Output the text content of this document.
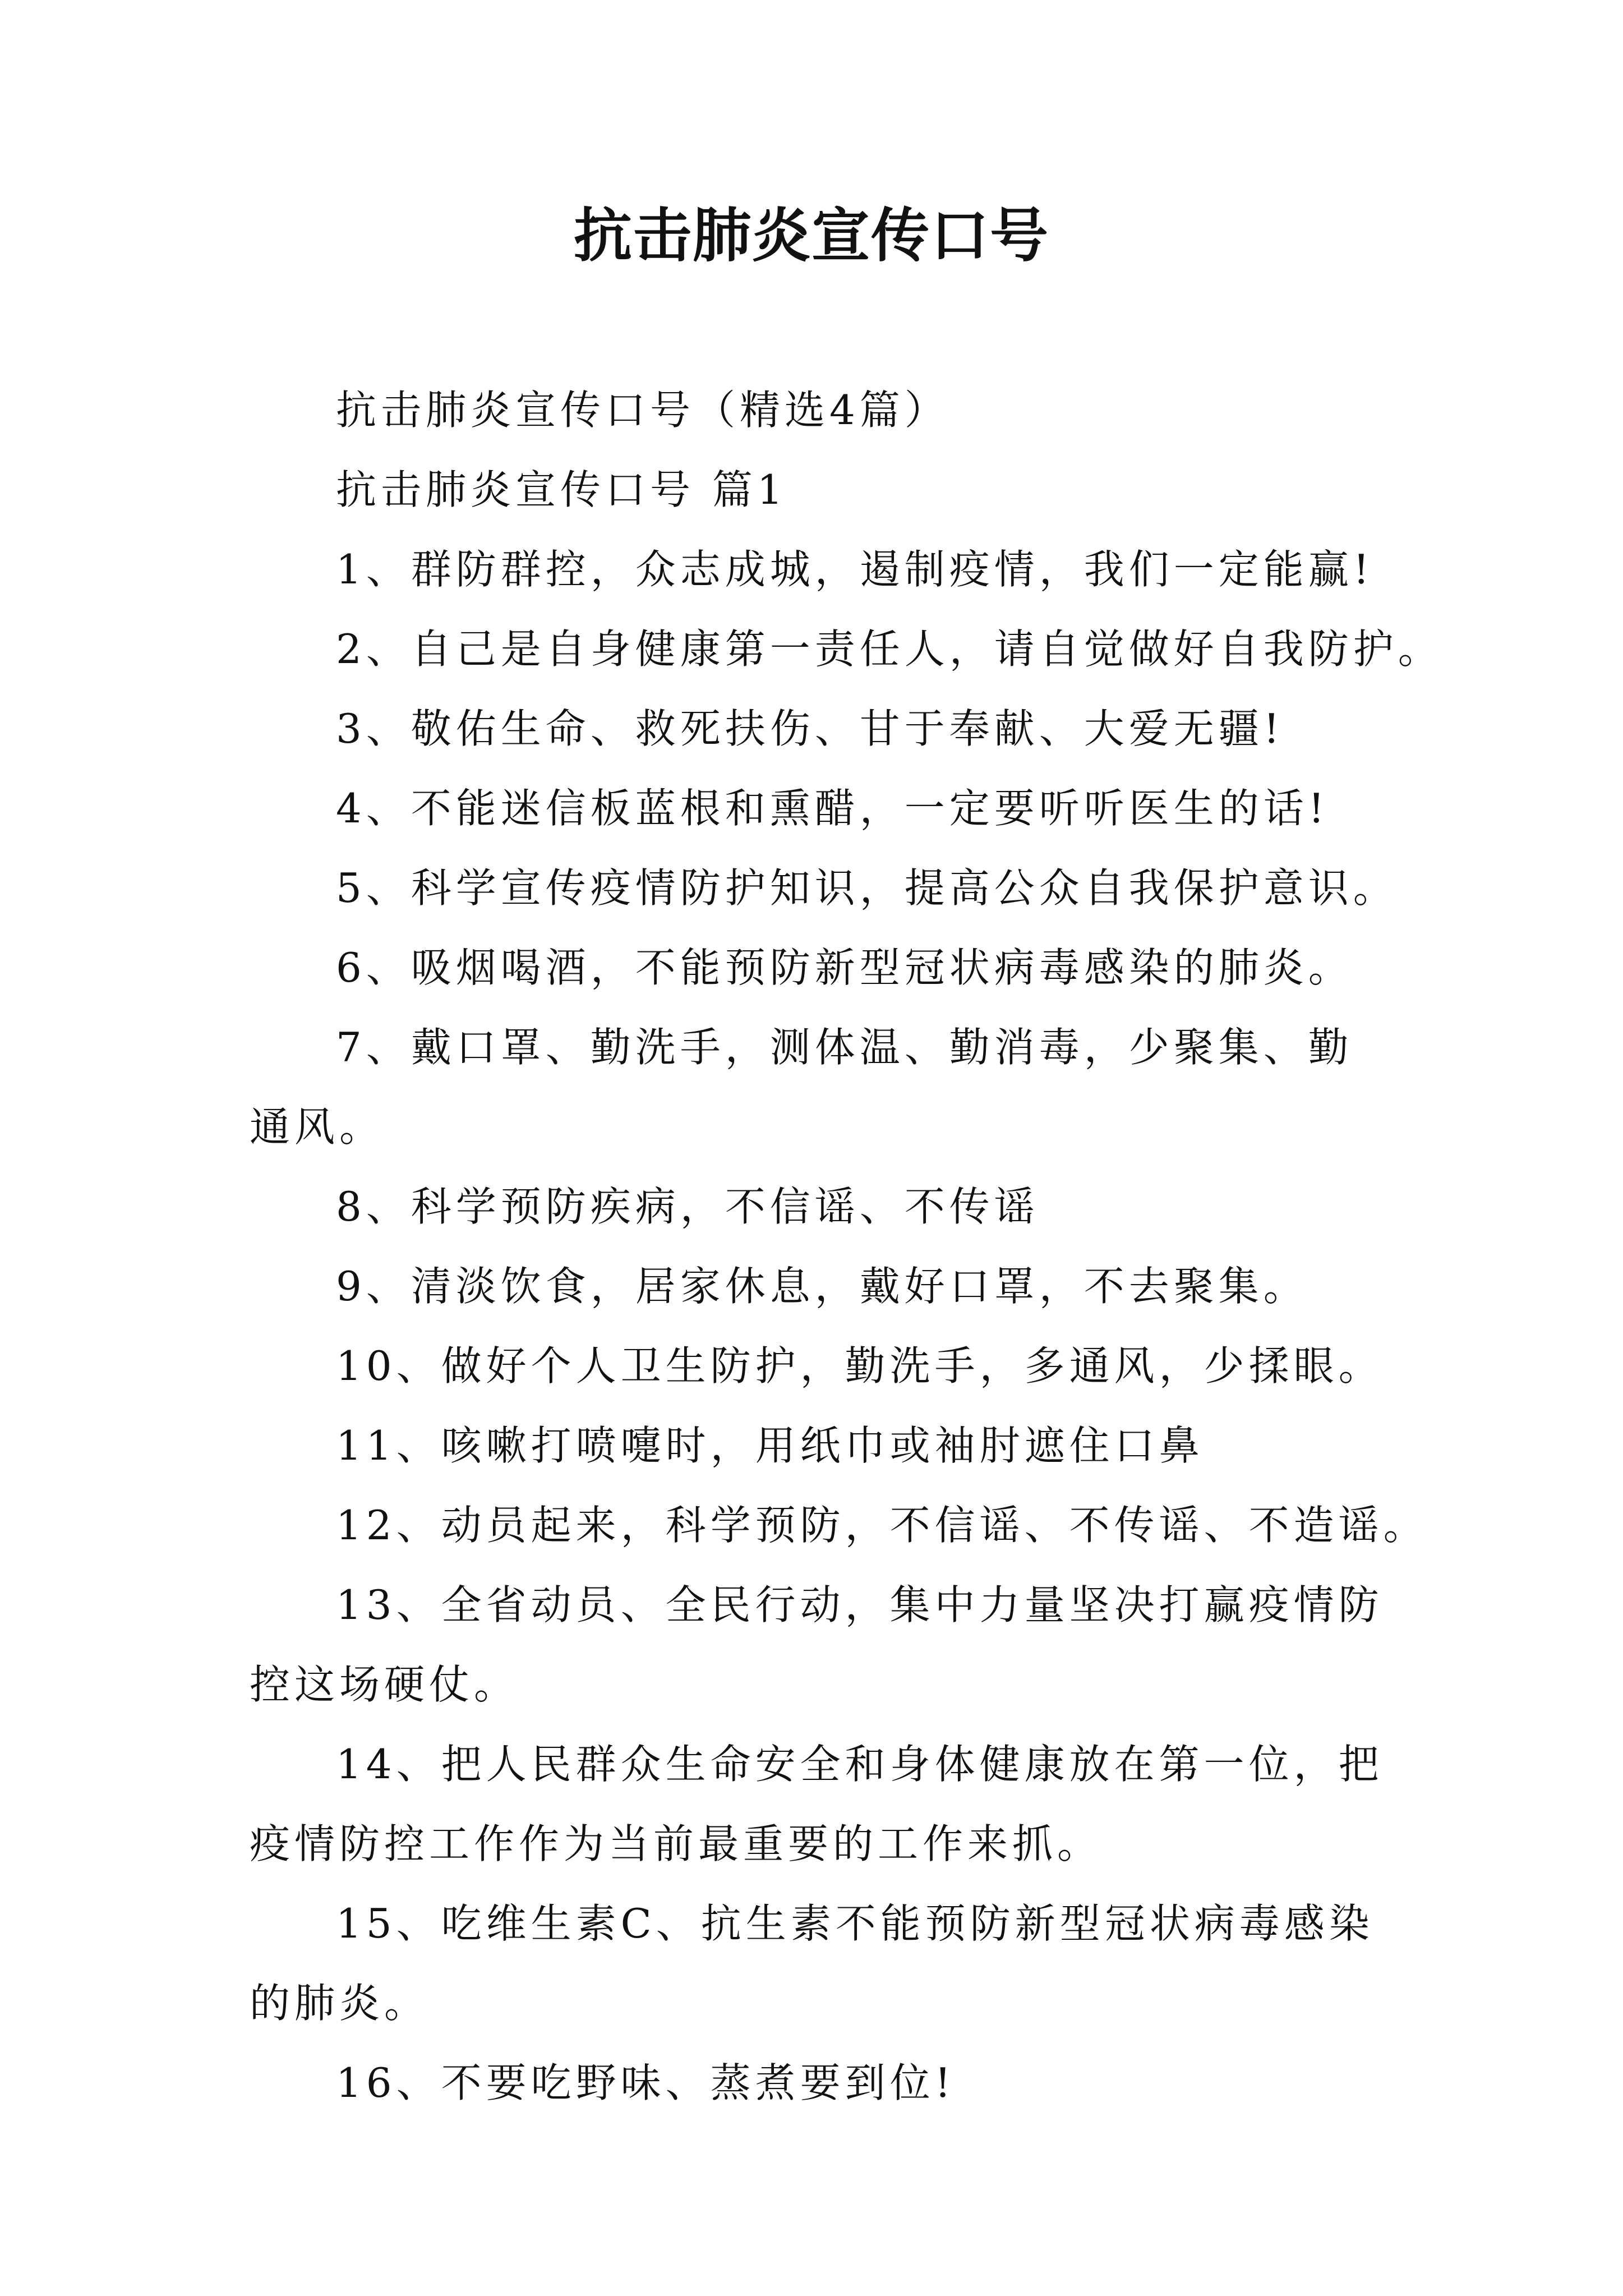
抗击肺炎宣传口号

抗击肺炎宣传口号（精选4篇）

抗击肺炎宣传口号 篇1

1、群防群控，众志成城，遏制疫情，我们一定能赢!

2、自己是自身健康第一责任人，请自觉做好自我防护。

3、敬佑生命、救死扶伤、甘于奉献、大爱无疆!

4、不能迷信板蓝根和熏醋，一定要听听医生的话!

5、科学宣传疫情防护知识，提高公众自我保护意识。

6、吸烟喝酒，不能预防新型冠状病毒感染的肺炎。

7、戴口罩、勤洗手，测体温、勤消毒，少聚集、勤通风。

8、科学预防疾病，不信谣、不传谣

9、清淡饮食，居家休息，戴好口罩，不去聚集。

10、做好个人卫生防护，勤洗手，多通风，少揉眼。

11、咳嗽打喷嚏时，用纸巾或袖肘遮住口鼻

12、动员起来，科学预防，不信谣、不传谣、不造谣。

13、全省动员、全民行动，集中力量坚决打赢疫情防控这场硬仗。

14、把人民群众生命安全和身体健康放在第一位，把疫情防控工作作为当前最重要的工作来抓。

15、吃维生素C、抗生素不能预防新型冠状病毒感染的肺炎。

16、不要吃野味、蒸煮要到位!
